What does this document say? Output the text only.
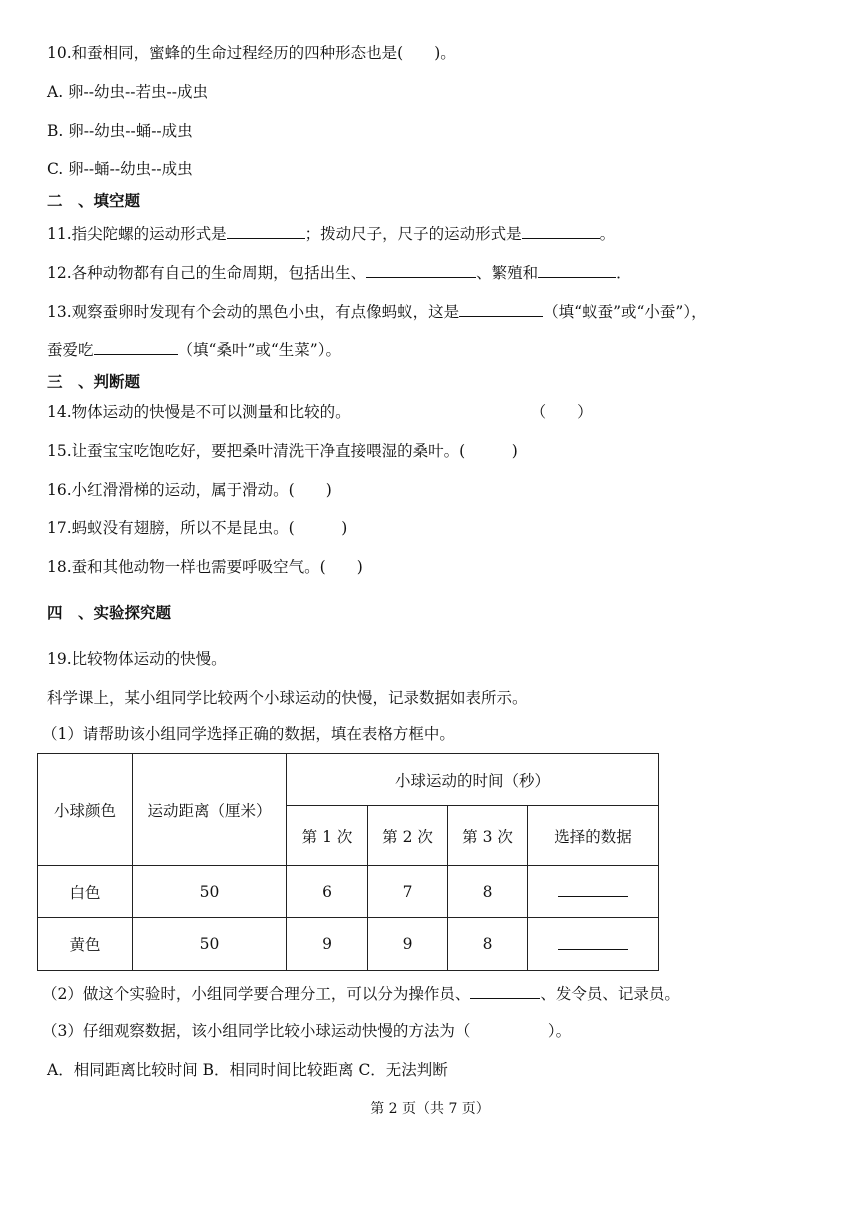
10.和蚕相同，蜜蜂的生命过程经历的四种形态也是(　　)。
A. 卵--幼虫--若虫--成虫
B. 卵--幼虫--蛹--成虫
C. 卵--蛹--幼虫--成虫
二　、填空题
11.指尖陀螺的运动形式是	；拨动尺子，尺子的运动形式是	。
12.各种动物都有自己的生命周期，包括出生、	、繁殖和	．
13.观察蚕卵时发现有个会动的黑色小虫，有点像蚂蚁，这是	（填“蚁蚕”或“小蚕”），
蚕爱吃	（填“桑叶”或“生菜”）。
三　、判断题
14.物体运动的快慢是不可以测量和比较的。	（　　）
15.让蚕宝宝吃饱吃好，要把桑叶清洗干净直接喂湿的桑叶。(　　　)
16.小红滑滑梯的运动，属于滑动。(　　)
17.蚂蚁没有翅膀，所以不是昆虫。(　　　)
18.蚕和其他动物一样也需要呼吸空气。(　　)
四　、实验探究题
19.比较物体运动的快慢。
科学课上，某小组同学比较两个小球运动的快慢，记录数据如表所示。
（1）请帮助该小组同学选择正确的数据，填在表格方框中。
小球颜色	运动距离（厘米）	小球运动的时间（秒）			
		第 1 次	第 2 次	第 3 次	选择的数据
白色	50	6	7	8	
黄色	50	9	9	8	
（2）做这个实验时，小组同学要合理分工，可以分为操作员、	、发令员、记录员。
（3）仔细观察数据，该小组同学比较小球运动快慢的方法为（　　　　　）。
A．相同距离比较时间 B．相同时间比较距离 C．无法判断
第 2 页（共 7 页）
